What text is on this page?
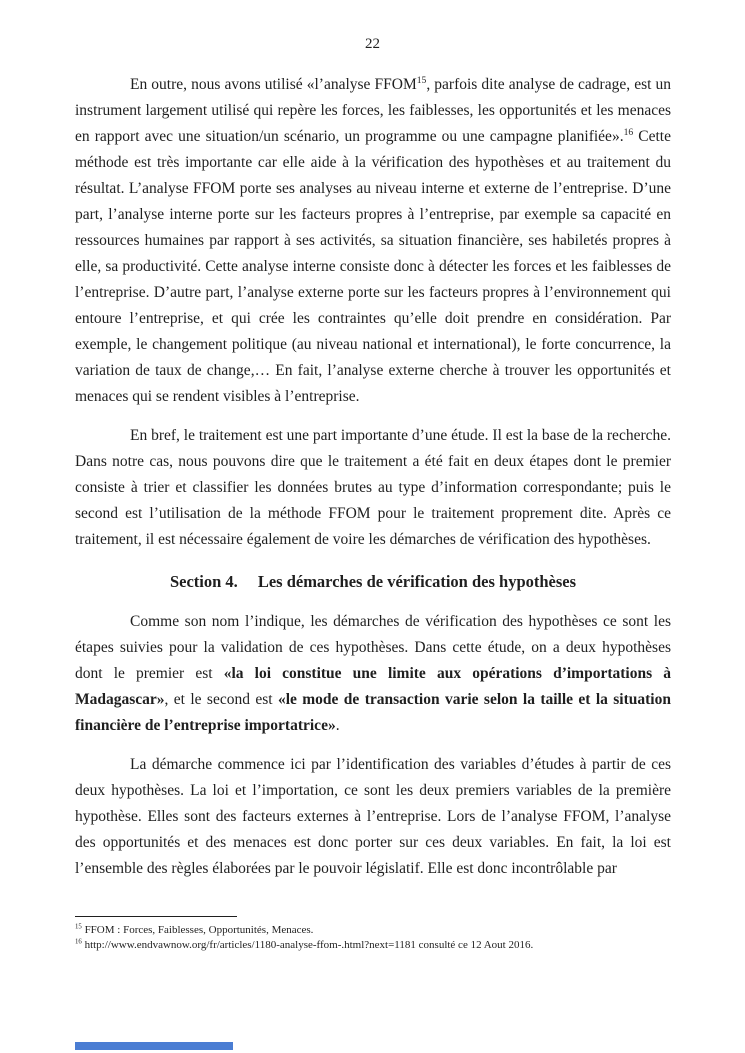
22

En outre, nous avons utilisé «l’analyse FFOM$^{15}$, parfois dite analyse de cadrage, est un instrument largement utilisé qui repère les forces, les faiblesses, les opportunités et les menaces en rapport avec une situation/un scénario, un programme ou une campagne planifiée».$^{16}$ Cette méthode est très importante car elle aide à la vérification des hypothèses et au traitement du résultat. L’analyse FFOM porte ses analyses au niveau interne et externe de l’entreprise. D’une part, l’analyse interne porte sur les facteurs propres à l’entreprise, par exemple sa capacité en ressources humaines par rapport à ses activités, sa situation financière, ses habiletés propres à elle, sa productivité. Cette analyse interne consiste donc à détecter les forces et les faiblesses de l’entreprise. D’autre part, l’analyse externe porte sur les facteurs propres à l’environnement qui entoure l’entreprise, et qui crée les contraintes qu’elle doit prendre en considération. Par exemple, le changement politique (au niveau national et international), le forte concurrence, la variation de taux de change,… En fait, l’analyse externe cherche à trouver les opportunités et menaces qui se rendent visibles à l’entreprise.

En bref, le traitement est une part importante d’une étude. Il est la base de la recherche. Dans notre cas, nous pouvons dire que le traitement a été fait en deux étapes dont le premier consiste à trier et classifier les données brutes au type d’information correspondante; puis le second est l’utilisation de la méthode FFOM pour le traitement proprement dite. Après ce traitement, il est nécessaire également de voire les démarches de vérification des hypothèses.

Section 4. Les démarches de vérification des hypothèses

Comme son nom l’indique, les démarches de vérification des hypothèses ce sont les étapes suivies pour la validation de ces hypothèses. Dans cette étude, on a deux hypothèses dont le premier est «la loi constitue une limite aux opérations d’importations à Madagascar», et le second est «le mode de transaction varie selon la taille et la situation financière de l’entreprise importatrice».

La démarche commence ici par l’identification des variables d’études à partir de ces deux hypothèses. La loi et l’importation, ce sont les deux premiers variables de la première hypothèse. Elles sont des facteurs externes à l’entreprise. Lors de l’analyse FFOM, l’analyse des opportunités et des menaces est donc porter sur ces deux variables. En fait, la loi est l’ensemble des règles élaborées par le pouvoir législatif. Elle est donc incontrôlable par

$^{15}$ FFOM : Forces, Faiblesses, Opportunités, Menaces.

$^{16}$ http://www.endvawnow.org/fr/articles/1180-analyse-ffom-.html?next=1181 consulté ce 12 Aout 2016.
